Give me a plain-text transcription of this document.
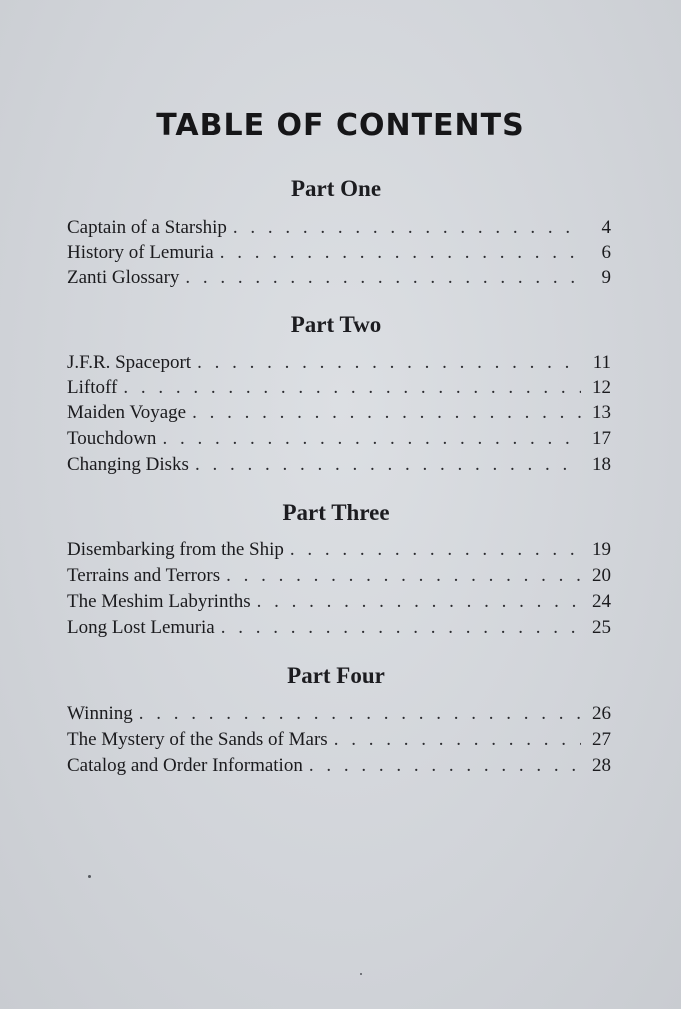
TABLE OF CONTENTS
Part One
Captain of a Starship . . .	4
History of Lemuria . . .	6
Zanti Glossary . . .	9
Part Two
J.F.R. Spaceport . . .	11
Liftoff . . .	12
Maiden Voyage . . .	13
Touchdown . . .	17
Changing Disks . . .	18
Part Three
Disembarking from the Ship . . .	19
Terrains and Terrors . . .	20
The Meshim Labyrinths . . .	24
Long Lost Lemuria . . .	25
Part Four
Winning . . .	26
The Mystery of the Sands of Mars . . .	27
Catalog and Order Information . . .	28
